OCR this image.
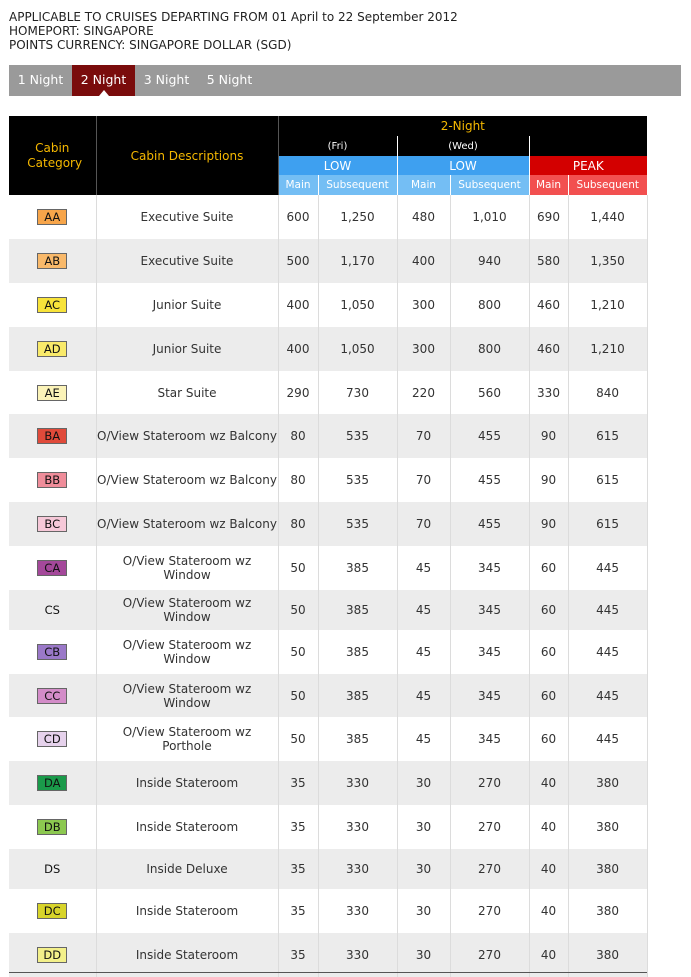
APPLICABLE TO CRUISES DEPARTING FROM 01 April to 22 September 2012
HOMEPORT: SINGAPORE
POINTS CURRENCY: SINGAPORE DOLLAR (SGD)
1 Night	2 Night	3 Night	5 Night
Cabin Category	Cabin Descriptions	2-Night					
		(Fri)		(Wed)			
		LOW		LOW		PEAK	
		Main	Subsequent	Main	Subsequent	Main	Subsequent
AA	Executive Suite	600	1,250	480	1,010	690	1,440
AB	Executive Suite	500	1,170	400	940	580	1,350
AC	Junior Suite	400	1,050	300	800	460	1,210
AD	Junior Suite	400	1,050	300	800	460	1,210
AE	Star Suite	290	730	220	560	330	840
BA	O/View Stateroom wz Balcony	80	535	70	455	90	615
BB	O/View Stateroom wz Balcony	80	535	70	455	90	615
BC	O/View Stateroom wz Balcony	80	535	70	455	90	615
CA	O/View Stateroom wz Window	50	385	45	345	60	445
CS	O/View Stateroom wz Window	50	385	45	345	60	445
CB	O/View Stateroom wz Window	50	385	45	345	60	445
CC	O/View Stateroom wz Window	50	385	45	345	60	445
CD	O/View Stateroom wz Porthole	50	385	45	345	60	445
DA	Inside Stateroom	35	330	30	270	40	380
DB	Inside Stateroom	35	330	30	270	40	380
DS	Inside Deluxe	35	330	30	270	40	380
DC	Inside Stateroom	35	330	30	270	40	380
DD	Inside Stateroom	35	330	30	270	40	380
